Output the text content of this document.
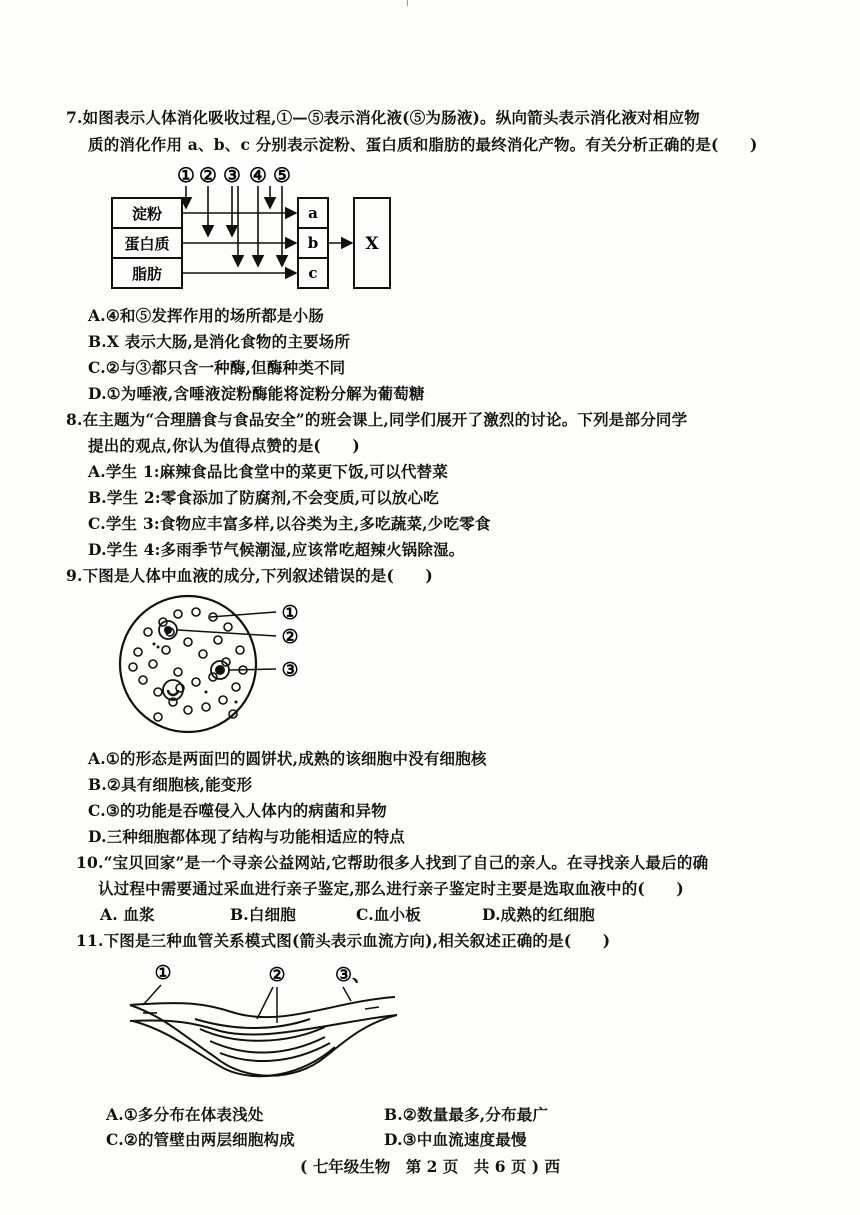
7.如图表示人体消化吸收过程,①—⑤表示消化液(⑤为肠液)。纵向箭头表示消化液对相应物
质的消化作用 a、b、c 分别表示淀粉、蛋白质和脂肪的最终消化产物。有关分析正确的是(　　)
① ② ③ ④ ⑤
淀粉
蛋白质
脂肪
a
b
c
X
A.④和⑤发挥作用的场所都是小肠
B.X 表示大肠,是消化食物的主要场所
C.②与③都只含一种酶,但酶种类不同
D.①为唾液,含唾液淀粉酶能将淀粉分解为葡萄糖
8.在主题为“合理膳食与食品安全”的班会课上,同学们展开了激烈的讨论。下列是部分同学
提出的观点,你认为值得点赞的是(　　)
A.学生 1:麻辣食品比食堂中的菜更下饭,可以代替菜
B.学生 2:零食添加了防腐剂,不会变质,可以放心吃
C.学生 3:食物应丰富多样,以谷类为主,多吃蔬菜,少吃零食
D.学生 4:多雨季节气候潮湿,应该常吃超辣火锅除湿。
9.下图是人体中血液的成分,下列叙述错误的是(　　)
①
②
③
A.①的形态是两面凹的圆饼状,成熟的该细胞中没有细胞核
B.②具有细胞核,能变形
C.③的功能是吞噬侵入人体内的病菌和异物
D.三种细胞都体现了结构与功能相适应的特点
10.“宝贝回家”是一个寻亲公益网站,它帮助很多人找到了自己的亲人。在寻找亲人最后的确
认过程中需要通过采血进行亲子鉴定,那么进行亲子鉴定时主要是选取血液中的(　　)
A. 血浆	B.白细胞	C.血小板	D.成熟的红细胞
11.下图是三种血管关系模式图(箭头表示血流方向),相关叙述正确的是(　　)
①	②	③、
A.①多分布在体表浅处	B.②数量最多,分布最广
C.②的管壁由两层细胞构成	D.③中血流速度最慢
( 七年级生物　第 2 页　共 6 页 ) 西
